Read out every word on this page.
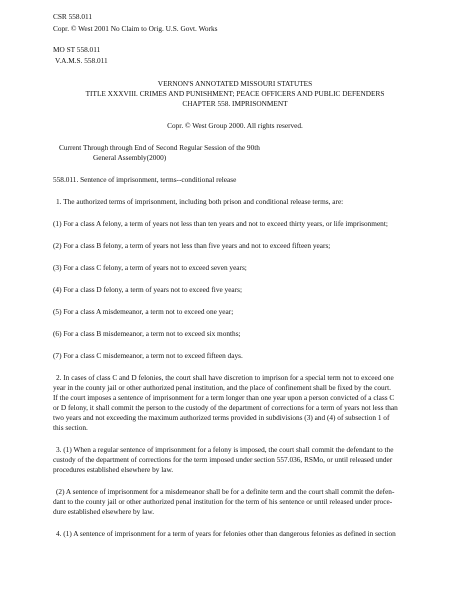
CSR 558.011
Copr. © West 2001 No Claim to Orig. U.S. Govt. Works
MO ST 558.011
V.A.M.S. 558.011
VERNON'S ANNOTATED MISSOURI STATUTES
TITLE XXXVIII. CRIMES AND PUNISHMENT; PEACE OFFICERS AND PUBLIC DEFENDERS
CHAPTER 558. IMPRISONMENT
Copr. © West Group 2000. All rights reserved.
Current Through through End of Second Regular Session of the 90th
General Assembly(2000)
558.011. Sentence of imprisonment, terms--conditional release
1. The authorized terms of imprisonment, including both prison and conditional release terms, are:
(1) For a class A felony, a term of years not less than ten years and not to exceed thirty years, or life imprisonment;
(2) For a class B felony, a term of years not less than five years and not to exceed fifteen years;
(3) For a class C felony, a term of years not to exceed seven years;
(4) For a class D felony, a term of years not to exceed five years;
(5) For a class A misdemeanor, a term not to exceed one year;
(6) For a class B misdemeanor, a term not to exceed six months;
(7) For a class C misdemeanor, a term not to exceed fifteen days.
2. In cases of class C and D felonies, the court shall have discretion to imprison for a special term not to exceed one
year in the county jail or other authorized penal institution, and the place of confinement shall be fixed by the court.
If the court imposes a sentence of imprisonment for a term longer than one year upon a person convicted of a class C
or D felony, it shall commit the person to the custody of the department of corrections for a term of years not less than
two years and not exceeding the maximum authorized terms provided in subdivisions (3) and (4) of subsection 1 of
this section.
3. (1) When a regular sentence of imprisonment for a felony is imposed, the court shall commit the defendant to the
custody of the department of corrections for the term imposed under section 557.036, RSMo, or until released under
procedures established elsewhere by law.
(2) A sentence of imprisonment for a misdemeanor shall be for a definite term and the court shall commit the defen-
dant to the county jail or other authorized penal institution for the term of his sentence or until released under proce-
dure established elsewhere by law.
4. (1) A sentence of imprisonment for a term of years for felonies other than dangerous felonies as defined in section
